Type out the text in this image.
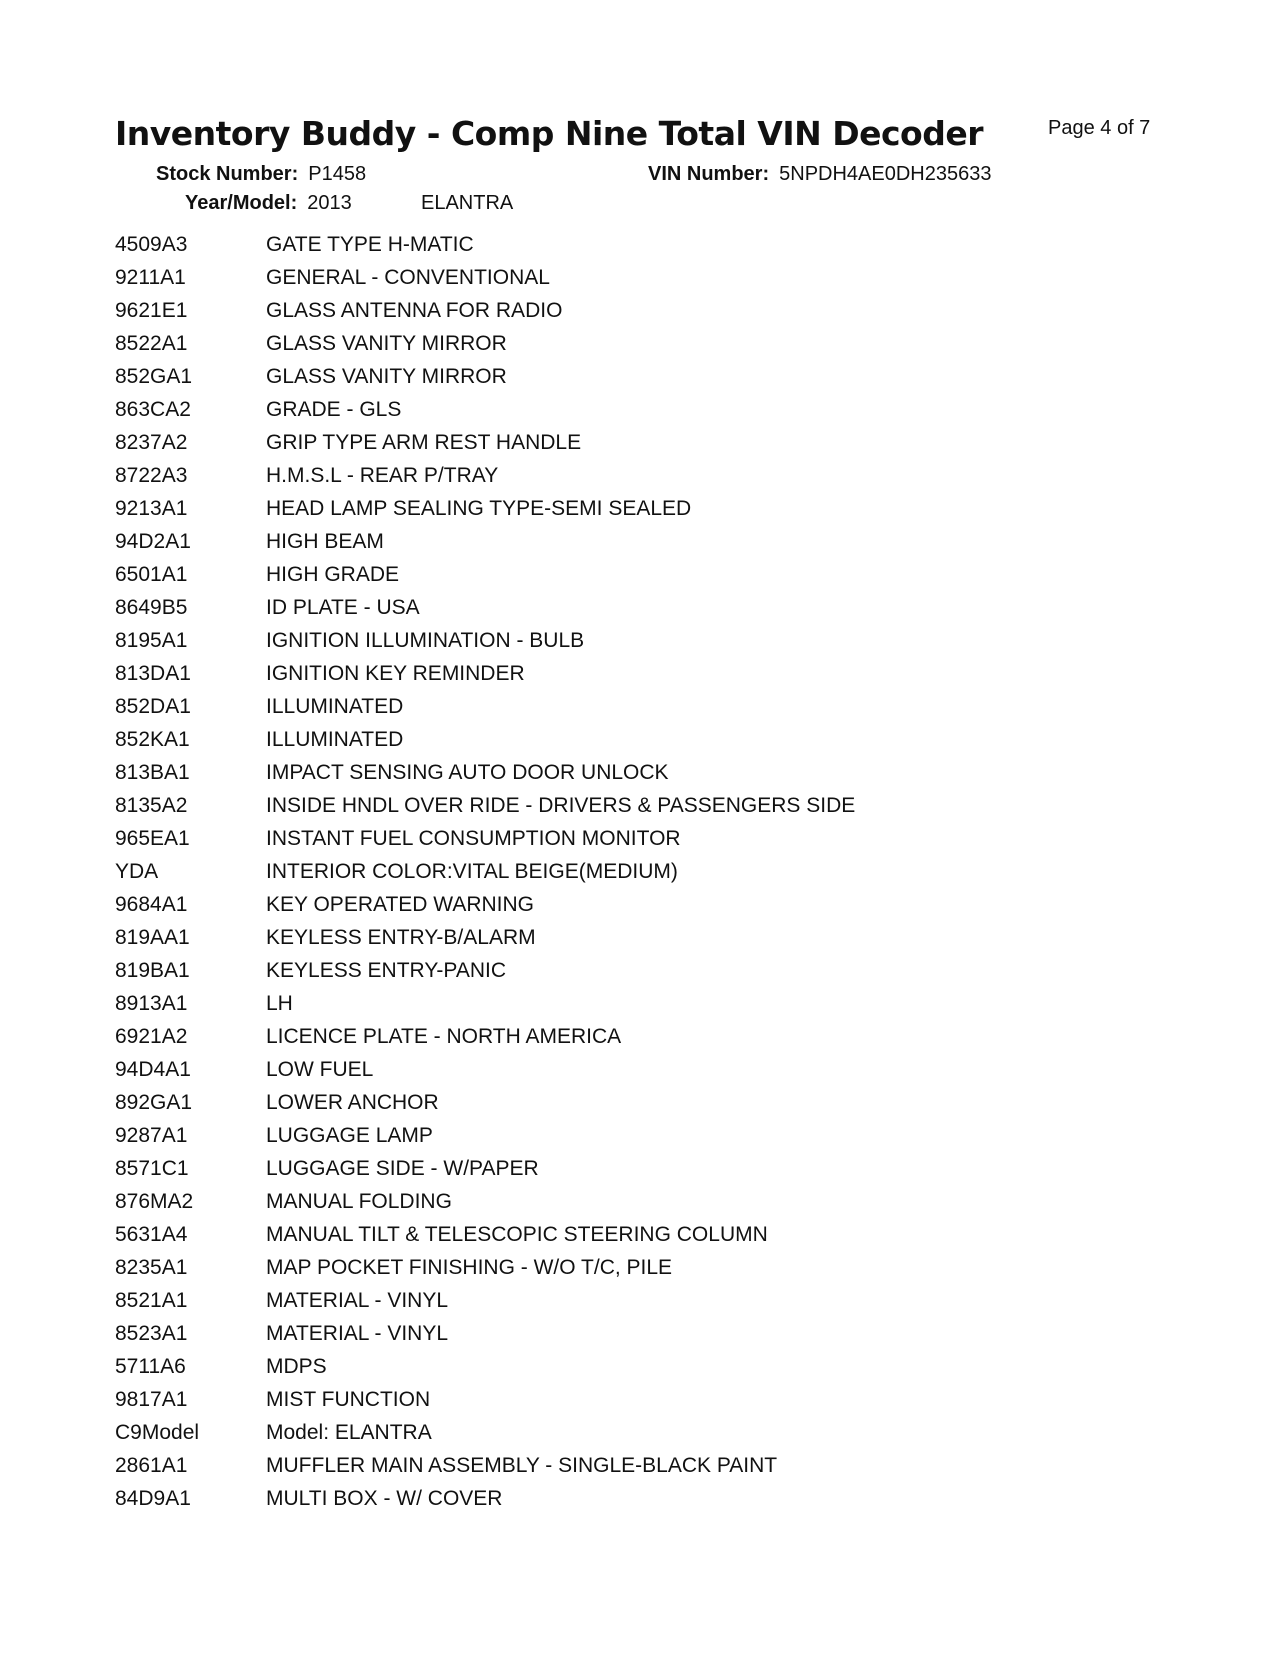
Inventory Buddy - Comp Nine Total VIN Decoder	Page 4 of 7
Stock Number: P1458
Year/Model: 2013	ELANTRA
VIN Number: 5NPDH4AE0DH235633
4509A3	GATE TYPE H-MATIC
9211A1	GENERAL - CONVENTIONAL
9621E1	GLASS ANTENNA FOR RADIO
8522A1	GLASS VANITY MIRROR
852GA1	GLASS VANITY MIRROR
863CA2	GRADE - GLS
8237A2	GRIP TYPE ARM REST HANDLE
8722A3	H.M.S.L - REAR P/TRAY
9213A1	HEAD LAMP SEALING TYPE-SEMI SEALED
94D2A1	HIGH BEAM
6501A1	HIGH GRADE
8649B5	ID PLATE - USA
8195A1	IGNITION ILLUMINATION - BULB
813DA1	IGNITION KEY REMINDER
852DA1	ILLUMINATED
852KA1	ILLUMINATED
813BA1	IMPACT SENSING AUTO DOOR UNLOCK
8135A2	INSIDE HNDL OVER RIDE - DRIVERS & PASSENGERS SIDE
965EA1	INSTANT FUEL CONSUMPTION MONITOR
YDA	INTERIOR COLOR:VITAL BEIGE(MEDIUM)
9684A1	KEY OPERATED WARNING
819AA1	KEYLESS ENTRY-B/ALARM
819BA1	KEYLESS ENTRY-PANIC
8913A1	LH
6921A2	LICENCE PLATE - NORTH AMERICA
94D4A1	LOW FUEL
892GA1	LOWER ANCHOR
9287A1	LUGGAGE LAMP
8571C1	LUGGAGE SIDE - W/PAPER
876MA2	MANUAL FOLDING
5631A4	MANUAL TILT & TELESCOPIC STEERING COLUMN
8235A1	MAP POCKET FINISHING - W/O T/C, PILE
8521A1	MATERIAL - VINYL
8523A1	MATERIAL - VINYL
5711A6	MDPS
9817A1	MIST FUNCTION
C9Model	Model: ELANTRA
2861A1	MUFFLER MAIN ASSEMBLY - SINGLE-BLACK PAINT
84D9A1	MULTI BOX - W/ COVER
